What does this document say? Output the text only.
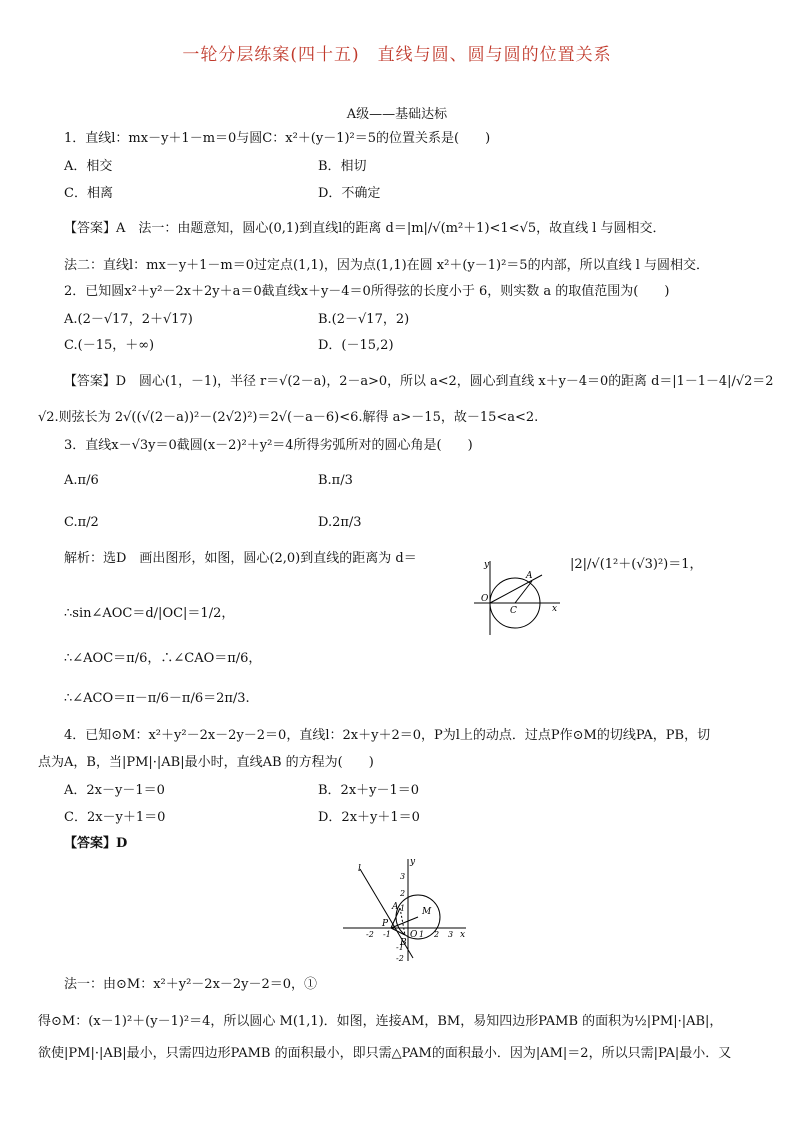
一轮分层练案(四十五)　直线与圆、圆与圆的位置关系
A级——基础达标
1．直线l：mx－y＋1－m＝0与圆C：x²＋(y－1)²＝5的位置关系是(　　)
A．相交	B．相切
C．相离	D．不确定
【答案】A　法一：由题意知，圆心(0,1)到直线l的距离 d＝|m|/√(m²＋1)<1<√5，故直线 l 与圆相交．
法二：直线l：mx－y＋1－m＝0过定点(1,1)，因为点(1,1)在圆 x²＋(y－1)²＝5的内部，所以直线 l 与圆相交．
2．已知圆x²＋y²－2x＋2y＋a＝0截直线x＋y－4＝0所得弦的长度小于 6，则实数 a 的取值范围为(　　)
A.(2－√17，2＋√17)	B.(2－√17，2)
C.(－15，＋∞)	D．(－15,2)
【答案】D　圆心(1，－1)，半径 r＝√(2－a)，2－a>0，所以 a<2，圆心到直线 x＋y－4＝0的距离 d＝|1－1－4|/√2＝2
√2.则弦长为 2√((√(2－a))²－(2√2)²)＝2√(－a－6)<6.解得 a>－15，故－15<a<2.
3．直线x－√3y＝0截圆(x－2)²＋y²＝4所得劣弧所对的圆心角是(　　)
A.π/6	B.π/3
C.π/2	D.2π/3
解析：选D　画出图形，如图，圆心(2,0)到直线的距离为 d＝	|2|/√(1²＋(√3)²)＝1，
∴sin∠AOC＝d/|OC|＝1/2，
∴∠AOC＝π/6，∴∠CAO＝π/6，
∴∠ACO＝π－π/6－π/6＝2π/3.
y
A
O
C	x
4．已知⊙M：x²＋y²－2x－2y－2＝0，直线l：2x＋y＋2＝0，P为l上的动点．过点P作⊙M的切线PA，PB，切
点为A，B，当|PM|·|AB|最小时，直线AB 的方程为(　　)
A．2x－y－1＝0	B．2x＋y－1＝0
C．2x－y＋1＝0	D．2x＋y＋1＝0
【答案】D
l
y
3
2
1 M
A
P
O
B
1 2 3 x
-2 -1
-1
-2
法一：由⊙M：x²＋y²－2x－2y－2＝0，①
得⊙M：(x－1)²＋(y－1)²＝4，所以圆心 M(1,1)．如图，连接AM，BM，易知四边形PAMB 的面积为½|PM|·|AB|，
欲使|PM|·|AB|最小，只需四边形PAMB 的面积最小，即只需△PAM的面积最小．因为|AM|＝2，所以只需|PA|最小．又
